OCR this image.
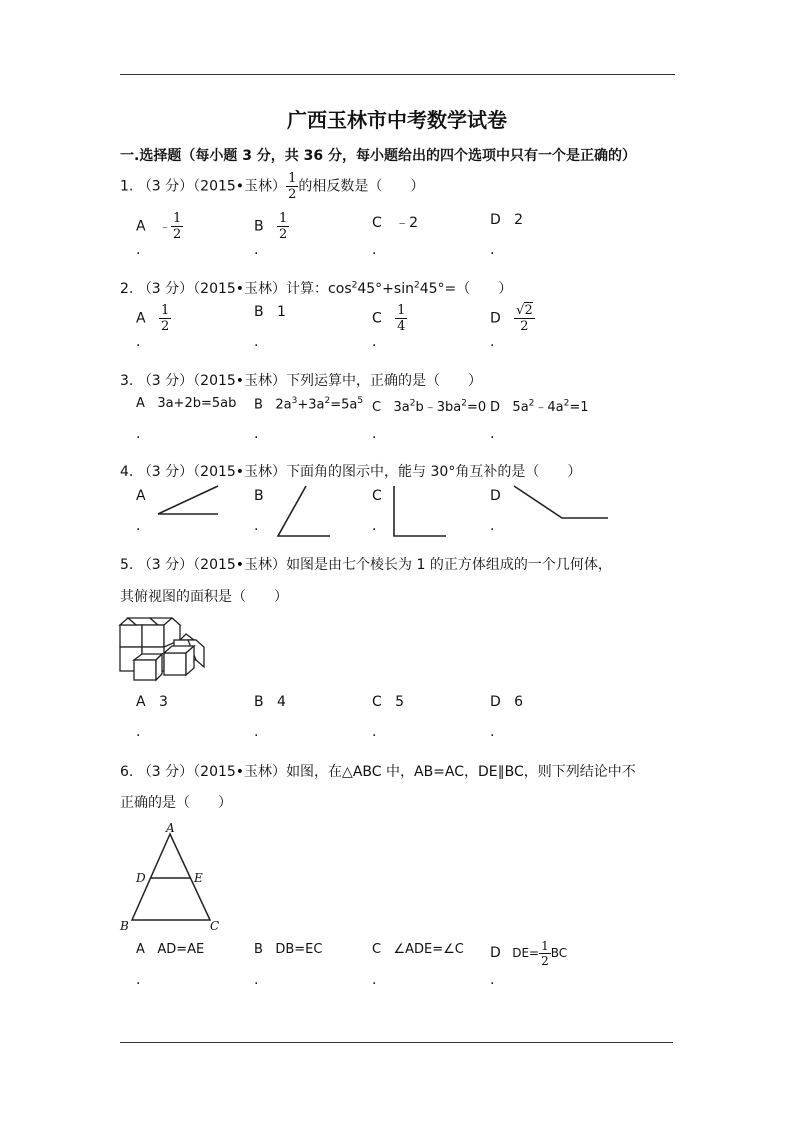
广西玉林市中考数学试卷
一.选择题（每小题 3 分，共 36 分，每小题给出的四个选项中只有一个是正确的）
1. （3 分）（2015•玉林） $\frac{1}{2}$ 的相反数是（　　）
A ﹣ $\frac{1}{2}$	B $\frac{1}{2}$	C ﹣2	D 2
.	.	.	.
2. （3 分）（2015•玉林）计算：$\cos^245^\circ+\sin^245^\circ=$（　　）
A $\frac{1}{2}$	B 1	C $\frac{1}{4}$	D $\frac{√2}{2}$
.	.	.	.
3. （3 分）（2015•玉林）下列运算中，正确的是（　　）
A 3a+2b=5ab B $2a^3+3a^2=5a^5$ C $3a^2b﹣3ba^2=0$ D $5a^2﹣4a^2=1$
.	.	.	.
4. （3 分）（2015•玉林）下面角的图示中，能与 30°角互补的是（　　）
A	B	C	D
.	.	.	.
5. （3 分）（2015•玉林）如图是由七个棱长为 1 的正方体组成的一个几何体，
其俯视图的面积是（　　）
A 3	B 4	C 5	D 6
.	.	.	.
6. （3 分）（2015•玉林）如图，在△ABC 中，AB=AC，DE∥BC，则下列结论中不
正确的是（　　）
A
B	C
D	E
A AD=AE	B DB=EC	C ∠ADE=∠C D $DE= \frac{1}{2}$ BC
.	.	.	.
